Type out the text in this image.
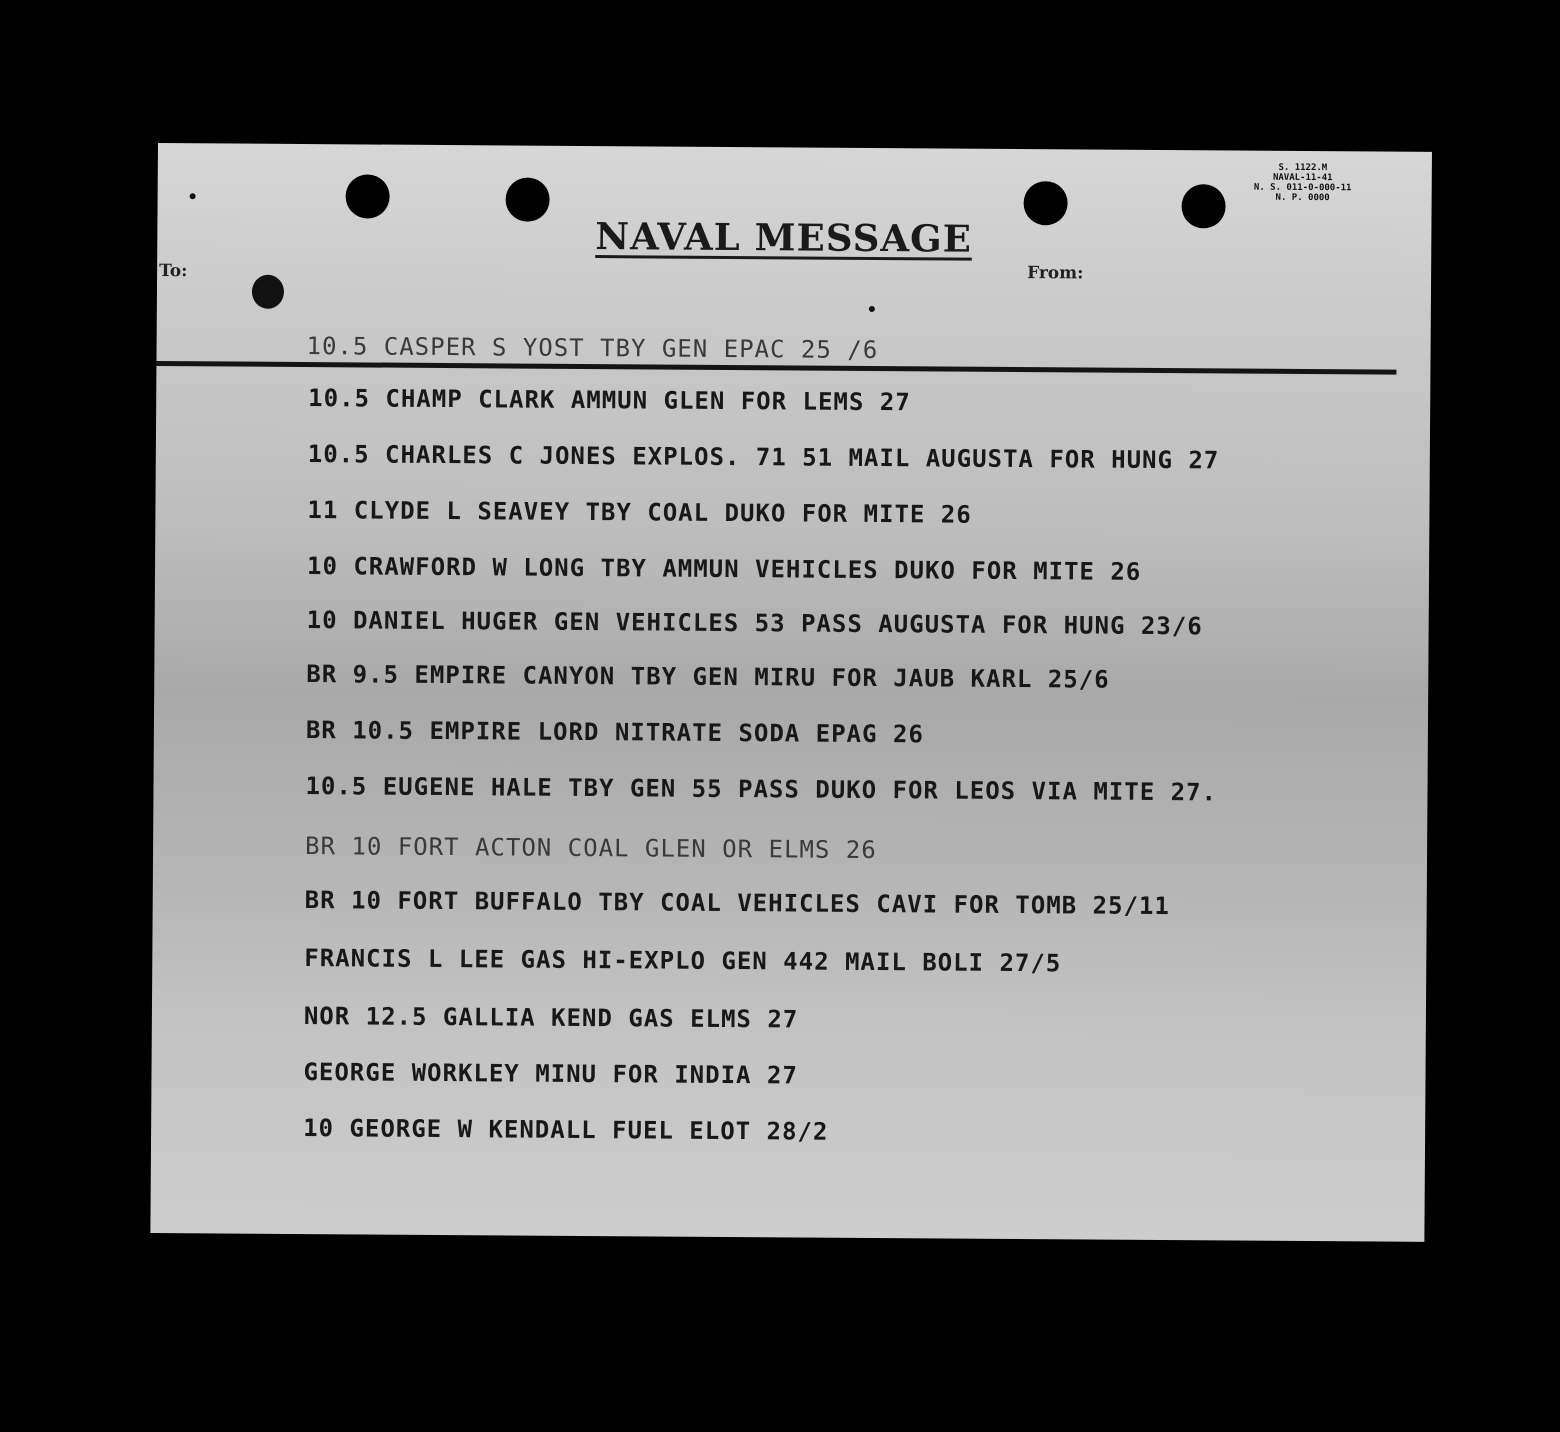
S. 1122.M
NAVAL-11-41
N. S. 011-0-000-11
N. P. 0000
NAVAL MESSAGE
To:	From:
10.5 CASPER S YOST TBY GEN EPAC 25 /6
10.5 CHAMP CLARK AMMUN GLEN FOR LEMS 27
10.5 CHARLES C JONES EXPLOS. 71 51 MAIL AUGUSTA FOR HUNG 27
11 CLYDE L SEAVEY TBY COAL DUKO FOR MITE 26
10 CRAWFORD W LONG TBY AMMUN VEHICLES DUKO FOR MITE 26
10 DANIEL HUGER GEN VEHICLES 53 PASS AUGUSTA FOR HUNG 23/6
BR 9.5 EMPIRE CANYON TBY GEN MIRU FOR JAUB KARL 25/6
BR 10.5 EMPIRE LORD NITRATE SODA EPAG 26
10.5 EUGENE HALE TBY GEN 55 PASS DUKO FOR LEOS VIA MITE 27.
BR 10 FORT ACTON COAL GLEN OR ELMS 26
BR 10 FORT BUFFALO TBY COAL VEHICLES CAVI FOR TOMB 25/11
FRANCIS L LEE GAS HI-EXPLO GEN 442 MAIL BOLI 27/5
NOR 12.5 GALLIA KEND GAS ELMS 27
GEORGE WORKLEY MINU FOR INDIA 27
10 GEORGE W KENDALL FUEL ELOT 28/2
